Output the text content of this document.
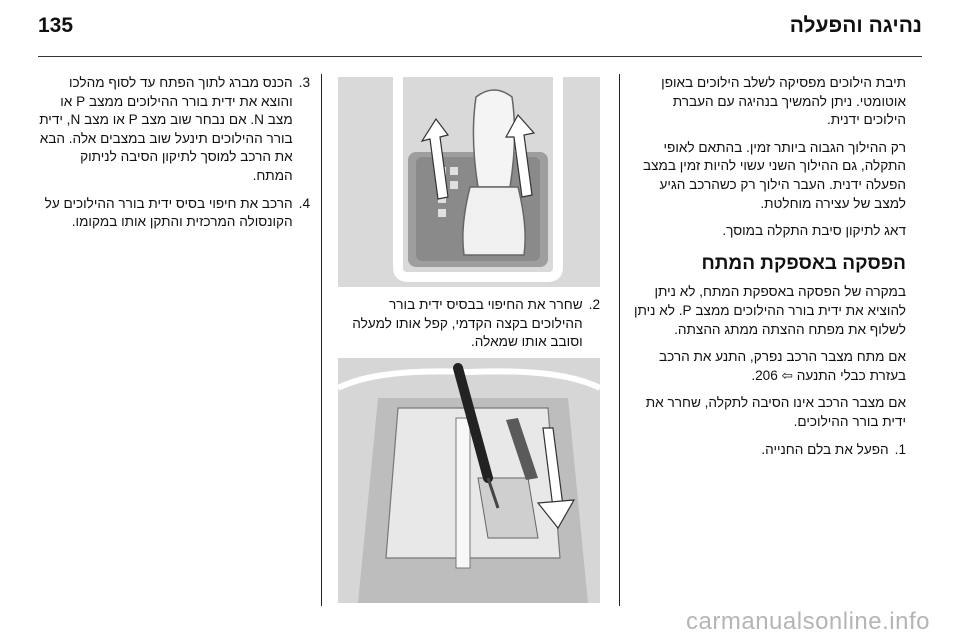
135	נהיגה והפעלה

תיבת הילוכים מפסיקה לשלב הילוכים באופן אוטומטי. ניתן להמשיך בנהיגה עם העברת הילוכים ידנית.

רק ההילוך הגבוה ביותר זמין. בהתאם לאופי התקלה, גם ההילוך השני עשוי להיות זמין במצב הפעלה ידנית. העבר הילוך רק כשהרכב הגיע למצב של עצירה מוחלטת.

דאג לתיקון סיבת התקלה במוסך.

הפסקה באספקת המתח

במקרה של הפסקה באספקת המתח, לא ניתן להוציא את ידית בורר ההילוכים ממצב P. לא ניתן לשלוף את מפתח ההצתה ממתג ההצתה.

אם מתח מצבר הרכב נפרק, התנע את הרכב בעזרת כבלי התנעה ⇦ 206.

אם מצבר הרכב אינו הסיבה לתקלה, שחרר את ידית בורר ההילוכים.

1.
הפעל את בלם החנייה.
2.
שחרר את החיפוי בבסיס ידית בורר ההילוכים בקצה הקדמי, קפל אותו למעלה וסובב אותו שמאלה.
3.
הכנס מברג לתוך הפתח עד לסוף מהלכו והוצא את ידית בורר ההילוכים ממצב P או מצב N. אם נבחר שוב מצב P או מצב N, ידית בורר ההילוכים תינעל שוב במצבים אלה. הבא את הרכב למוסך לתיקון הסיבה לניתוק המתח.
4.
הרכב את חיפוי בסיס ידית בורר ההילוכים על הקונסולה המרכזית והתקן אותו במקומו.
carmanualsonline.info
